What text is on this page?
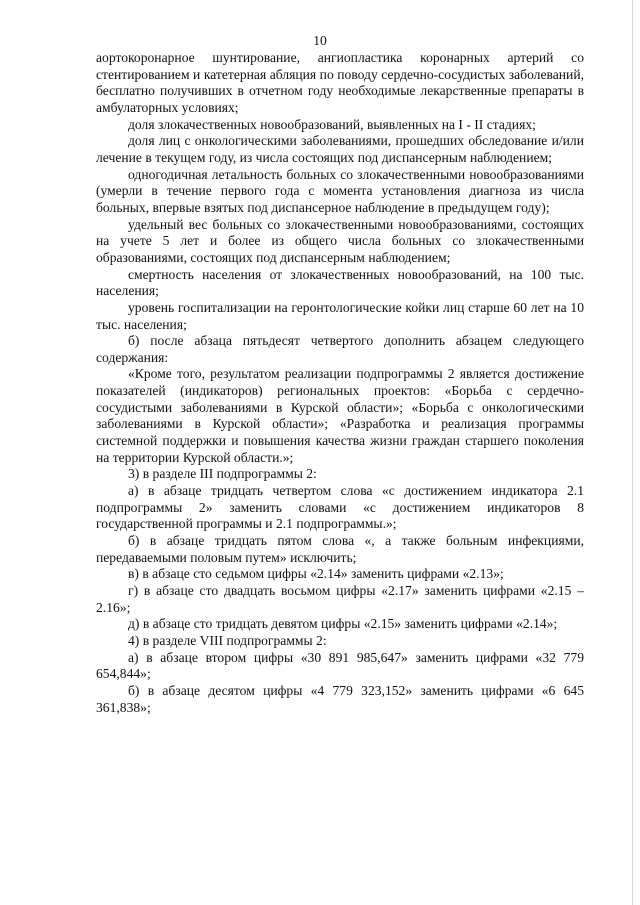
10

аортокоронарное шунтирование, ангиопластика коронарных артерий со стентированием и катетерная абляция по поводу сердечно-сосудистых заболеваний, бесплатно получивших в отчетном году необходимые лекарственные препараты в амбулаторных условиях;

доля злокачественных новообразований, выявленных на I - II стадиях;

доля лиц с онкологическими заболеваниями, прошедших обследование и/или лечение в текущем году, из числа состоящих под диспансерным наблюдением;

одногодичная летальность больных со злокачественными новообразованиями (умерли в течение первого года с момента установления диагноза из числа больных, впервые взятых под диспансерное наблюдение в предыдущем году);

удельный вес больных со злокачественными новообразованиями, состоящих на учете 5 лет и более из общего числа больных со злокачественными образованиями, состоящих под диспансерным наблюдением;

смертность населения от злокачественных новообразований, на 100 тыс. населения;

уровень госпитализации на геронтологические койки лиц старше 60 лет на 10 тыс. населения;

б) после абзаца пятьдесят четвертого дополнить абзацем следующего содержания:

«Кроме того, результатом реализации подпрограммы 2 является достижение показателей (индикаторов) региональных проектов: «Борьба с сердечно-сосудистыми заболеваниями в Курской области»; «Борьба с онкологическими заболеваниями в Курской области»; «Разработка и реализация программы системной поддержки и повышения качества жизни граждан старшего поколения на территории Курской области.»;

3) в разделе III подпрограммы 2:

а) в абзаце тридцать четвертом слова «с достижением индикатора 2.1 подпрограммы 2» заменить словами «с достижением индикаторов 8 государственной программы и 2.1 подпрограммы.»;

б) в абзаце тридцать пятом слова «, а также больным инфекциями, передаваемыми половым путем» исключить;

в) в абзаце сто седьмом цифры «2.14» заменить цифрами «2.13»;

г) в абзаце сто двадцать восьмом цифры «2.17» заменить цифрами «2.15 – 2.16»;

д) в абзаце сто тридцать девятом цифры «2.15» заменить цифрами «2.14»;

4) в разделе VIII подпрограммы 2:

а) в абзаце втором цифры «30 891 985,647» заменить цифрами «32 779 654,844»;

б) в абзаце десятом цифры «4 779 323,152» заменить цифрами «6 645 361,838»;
